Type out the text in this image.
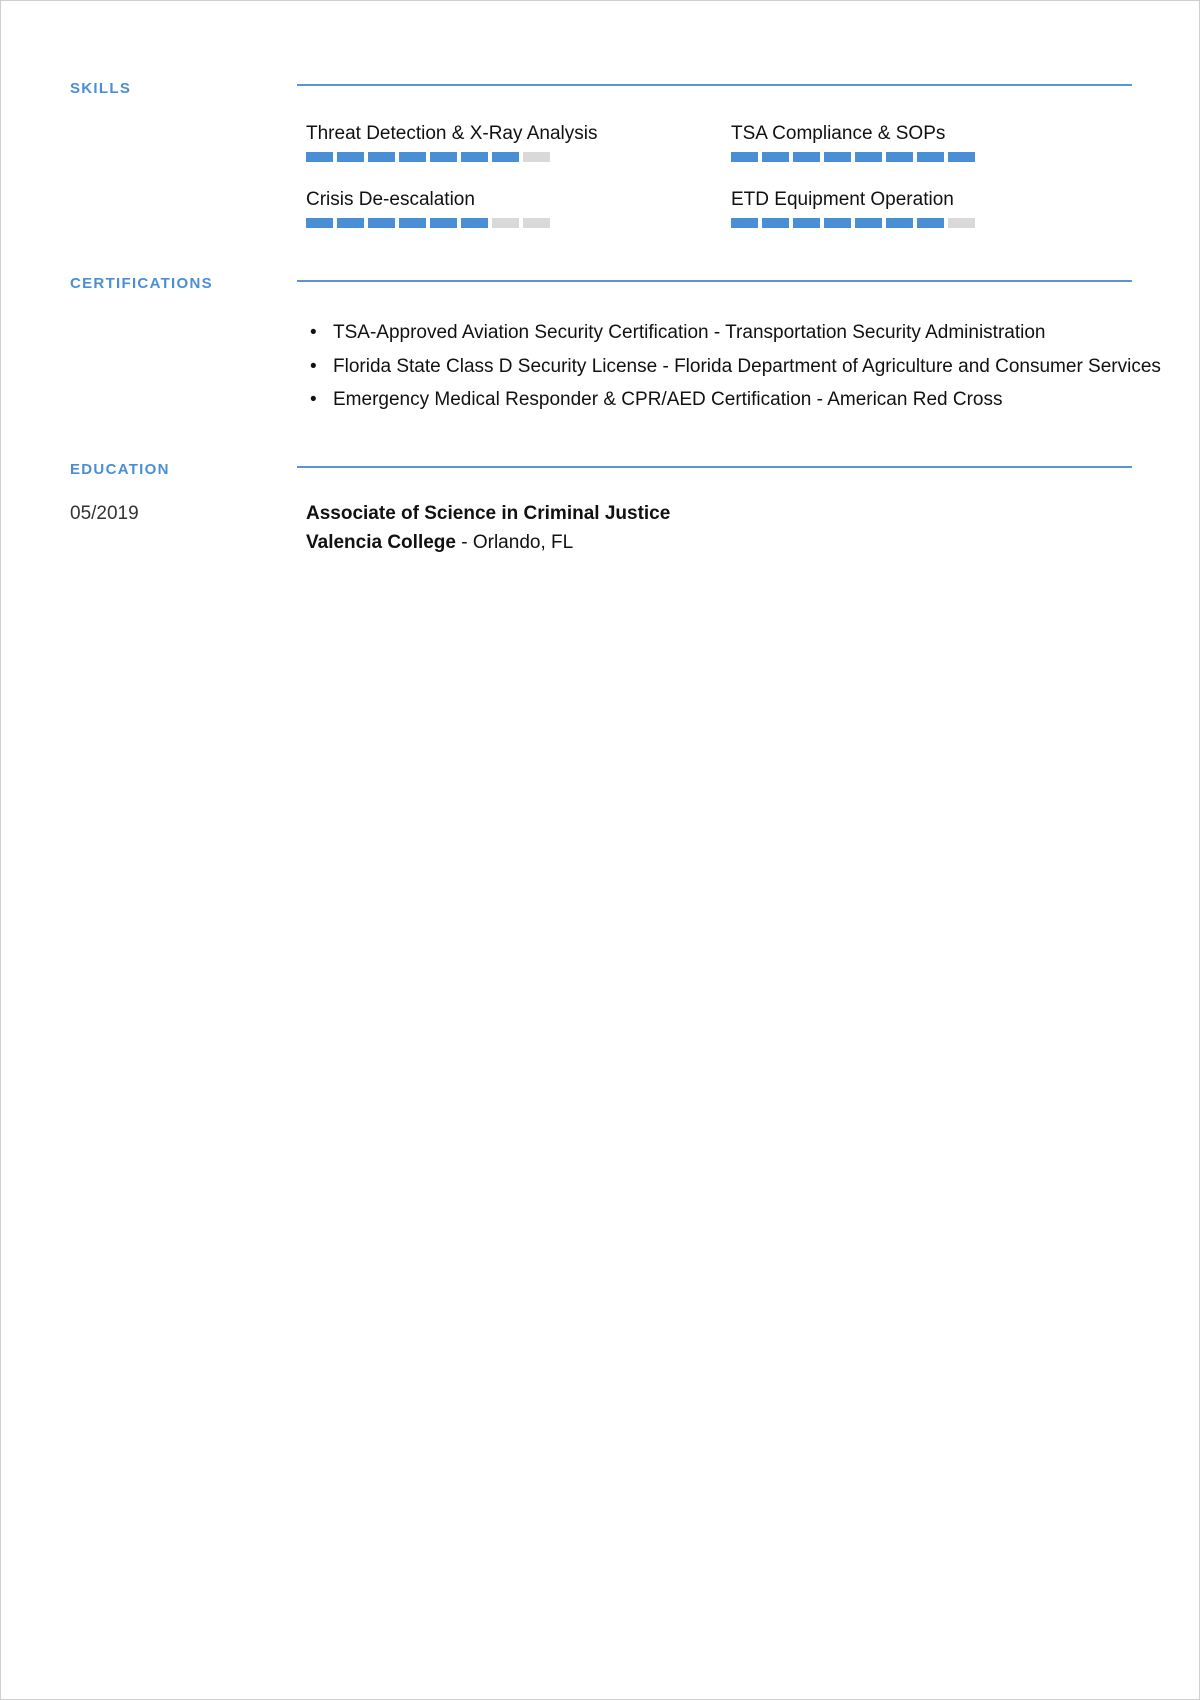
SKILLS
Threat Detection & X-Ray Analysis	TSA Compliance & SOPs
Crisis De-escalation	ETD Equipment Operation
CERTIFICATIONS
• TSA-Approved Aviation Security Certification - Transportation Security Administration
• Florida State Class D Security License - Florida Department of Agriculture and Consumer Services
• Emergency Medical Responder & CPR/AED Certification - American Red Cross
EDUCATION
05/2019	Associate of Science in Criminal Justice
Valencia College - Orlando, FL
